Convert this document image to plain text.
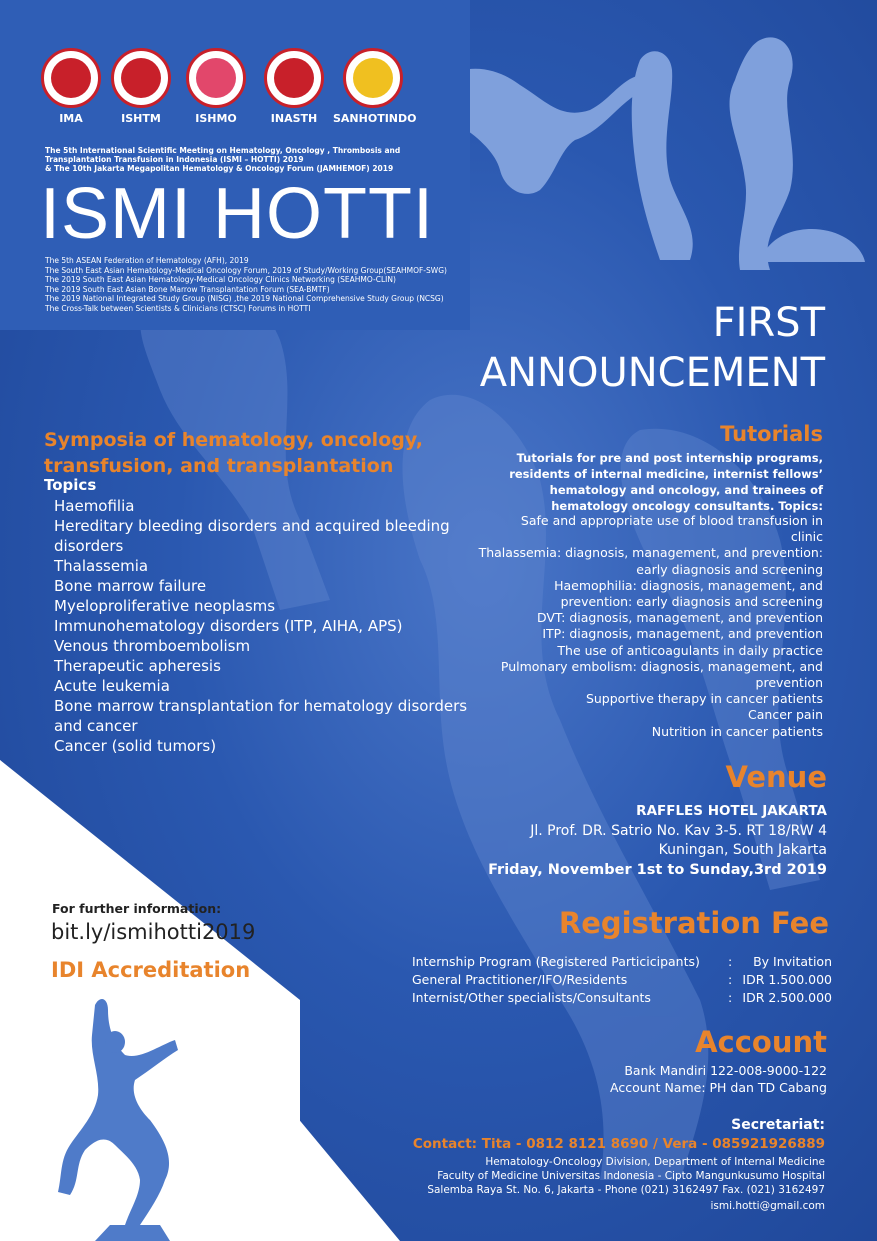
IMA	ISHTM	ISHMO	INASTH	SANHOTINDO
The 5th International Scientific Meeting on Hematology, Oncology , Thrombosis and
Transplantation Transfusion in Indonesia (ISMI – HOTTI) 2019
& The 10th Jakarta Megapolitan Hematology & Oncology Forum (JAMHEMOF) 2019
ISMI HOTTI
The 5th ASEAN Federation of Hematology (AFH), 2019
The South East Asian Hematology-Medical Oncology Forum, 2019 of Study/Working Group(SEAHMOF-SWG)
The 2019 South East Asian Hematology-Medical Oncology Clinics Networking (SEAHMO-CLIN)
The 2019 South East Asian Bone Marrow Transplantation Forum (SEA-BMTF)
The 2019 National Integrated Study Group (NISG) ,the 2019 National Comprehensive Study Group (NCSG)
The Cross-Talk between Scientists & Clinicians (CTSC) Forums in HOTTI	FIRST
ANNOUNCEMENT
Symposia of hematology, oncology,
transfusion, and transplantation
Topics
Haemofilia
Hereditary bleeding disorders and acquired bleeding
disorders
Thalassemia
Bone marrow failure
Myeloproliferative neoplasms
Immunohematology disorders (ITP, AIHA, APS)
Venous thromboembolism
Therapeutic apheresis
Acute leukemia
Bone marrow transplantation for hematology disorders
and cancer
Cancer (solid tumors)
Tutorials
Tutorials for pre and post internship programs,
residents of internal medicine, internist fellows’
hematology and oncology, and trainees of
hematology oncology consultants. Topics:
Safe and appropriate use of blood transfusion in
clinic
Thalassemia: diagnosis, management, and prevention:
early diagnosis and screening
Haemophilia: diagnosis, management, and
prevention: early diagnosis and screening
DVT: diagnosis, management, and prevention
ITP: diagnosis, management, and prevention
The use of anticoagulants in daily practice
Pulmonary embolism: diagnosis, management, and
prevention
Supportive therapy in cancer patients
Cancer pain
Nutrition in cancer patients
Venue
RAFFLES HOTEL JAKARTA
Jl. Prof. DR. Satrio No. Kav 3-5. RT 18/RW 4
Kuningan, South Jakarta
Friday, November 1st to Sunday,3rd 2019
For further information:
bit.ly/ismihotti2019
IDI Accreditation
Registration Fee
Internship Program (Registered Particicipants) : By Invitation
General Practitioner/IFO/Residents	: IDR 1.500.000
Internist/Other specialists/Consultants	: IDR 2.500.000
Account
Bank Mandiri 122-008-9000-122
Account Name: PH dan TD Cabang
Secretariat:
Contact: Tita - 0812 8121 8690 / Vera - 085921926889
Hematology-Oncology Division, Department of Internal Medicine
Faculty of Medicine Universitas Indonesia - Cipto Mangunkusumo Hospital
Salemba Raya St. No. 6, Jakarta - Phone (021) 3162497 Fax. (021) 3162497
ismi.hotti@gmail.com
